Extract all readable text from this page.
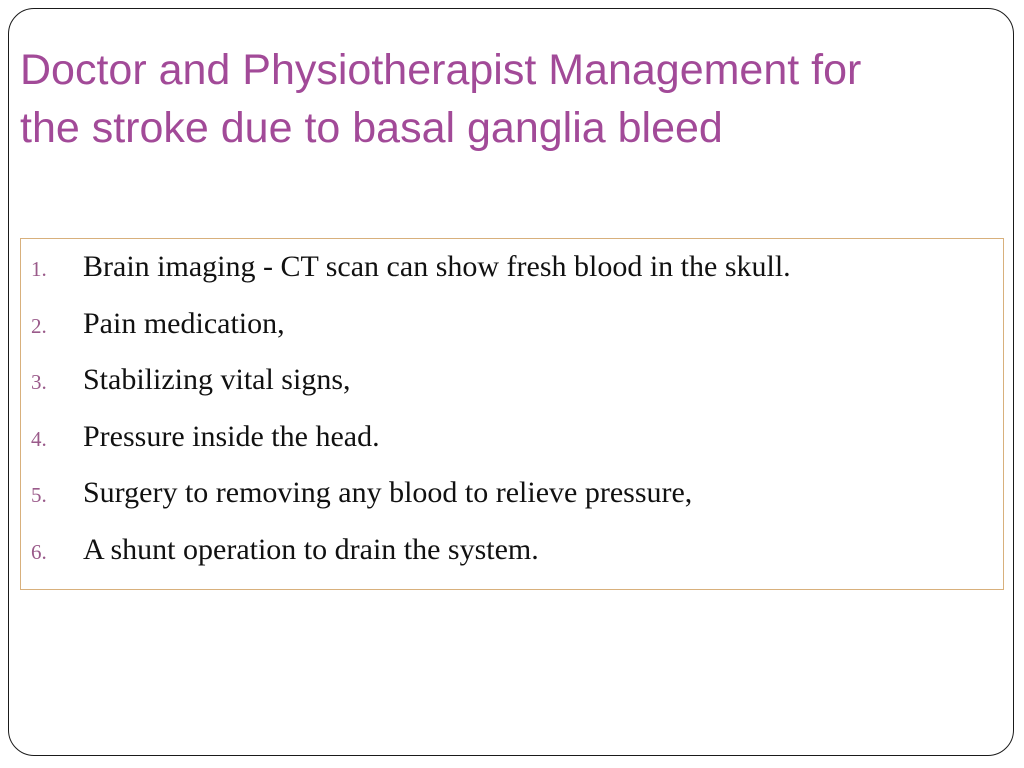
Doctor and Physiotherapist Management for
the stroke due to basal ganglia bleed
1.	Brain imaging - CT scan can show fresh blood in the skull.
2.	Pain medication,
3.	Stabilizing vital signs,
4.	Pressure inside the head.
5.	Surgery to removing any blood to relieve pressure,
6.	A shunt operation to drain the system.
